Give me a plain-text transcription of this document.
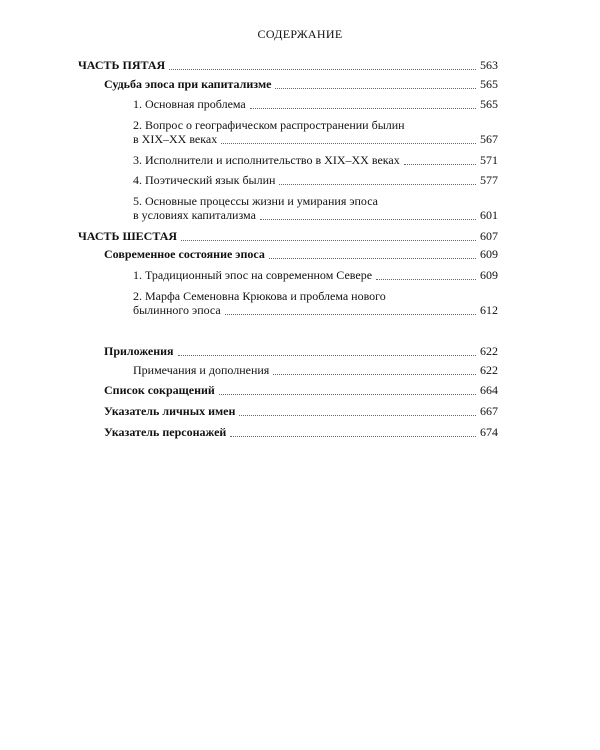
СОДЕРЖАНИЕ
ЧАСТЬ ПЯТАЯ	563
Судьба эпоса при капитализме	565
1. Основная проблема	565
2. Вопрос о географическом распространении былин
в XIX–XX веках	567
3. Исполнители и исполнительство в XIX–XX веках	571
4. Поэтический язык былин	577
5. Основные процессы жизни и умирания эпоса
в условиях капитализма	601
ЧАСТЬ ШЕСТАЯ	607
Современное состояние эпоса	609
1. Традиционный эпос на современном Севере	609
2. Марфа Семеновна Крюкова и проблема нового
былинного эпоса	612
Приложения	622
Примечания и дополнения	622
Список сокращений	664
Указатель личных имен	667
Указатель персонажей	674
